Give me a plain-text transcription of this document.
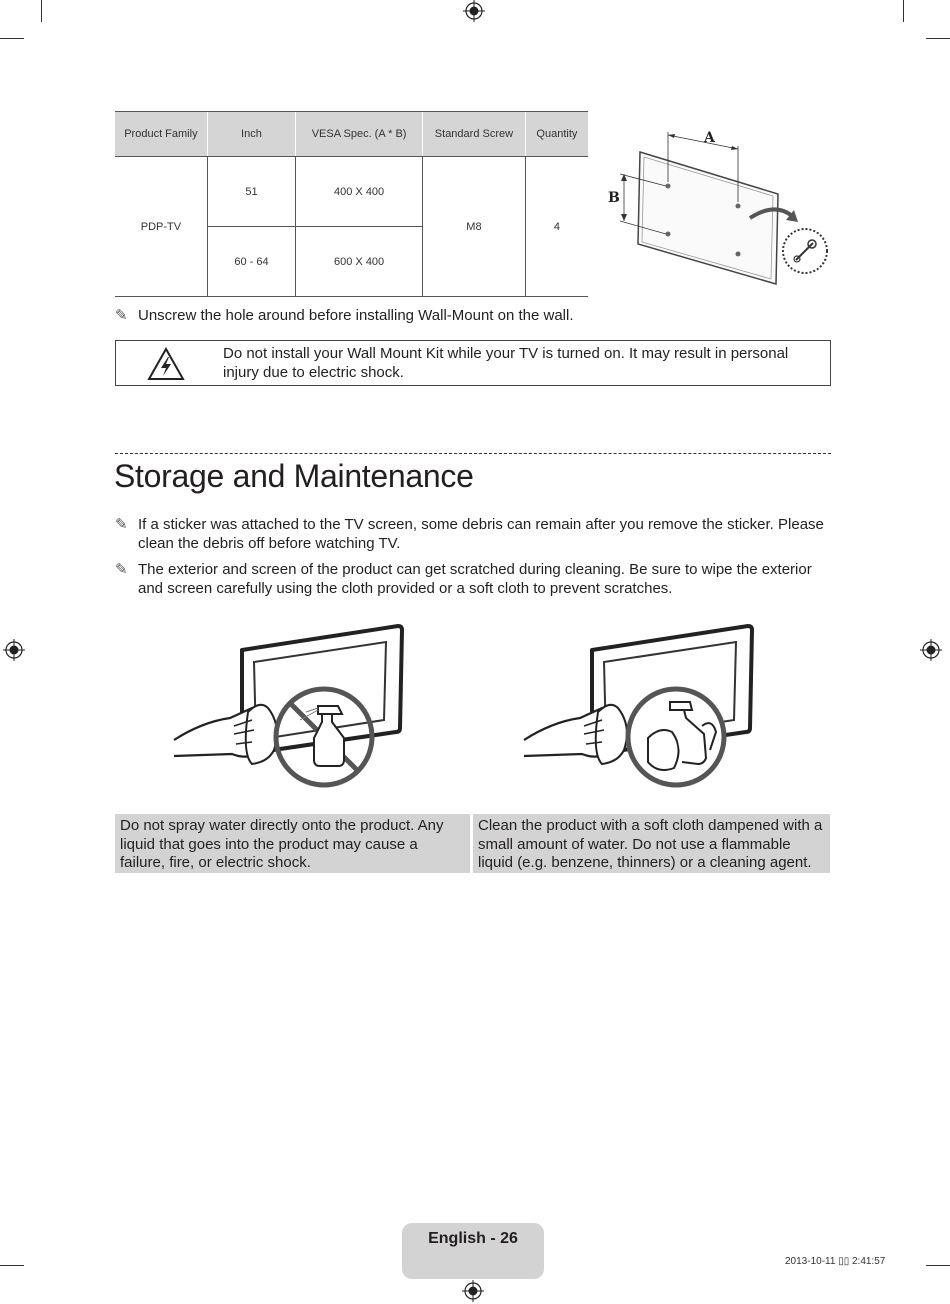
Product Family	Inch	VESA Spec. (A * B)	Standard Screw	Quantity
PDP-TV	51	400 X 400	M8	4
	60 - 64	600 X 400		
A
B
✎ Unscrew the hole around before installing Wall-Mount on the wall.
Do not install your Wall Mount Kit while your TV is turned on. It may result in personal injury due to electric shock.
Storage and Maintenance
✎ If a sticker was attached to the TV screen, some debris can remain after you remove the sticker. Please clean the debris off before watching TV.
✎ The exterior and screen of the product can get scratched during cleaning. Be sure to wipe the exterior and screen carefully using the cloth provided or a soft cloth to prevent scratches.
Do not spray water directly onto the product. Any liquid that goes into the product may cause a failure, fire, or electric shock.
Clean the product with a soft cloth dampened with a small amount of water. Do not use a flammable liquid (e.g. benzene, thinners) or a cleaning agent.
English - 26
2013-10-11 ▯▯ 2:41:57
